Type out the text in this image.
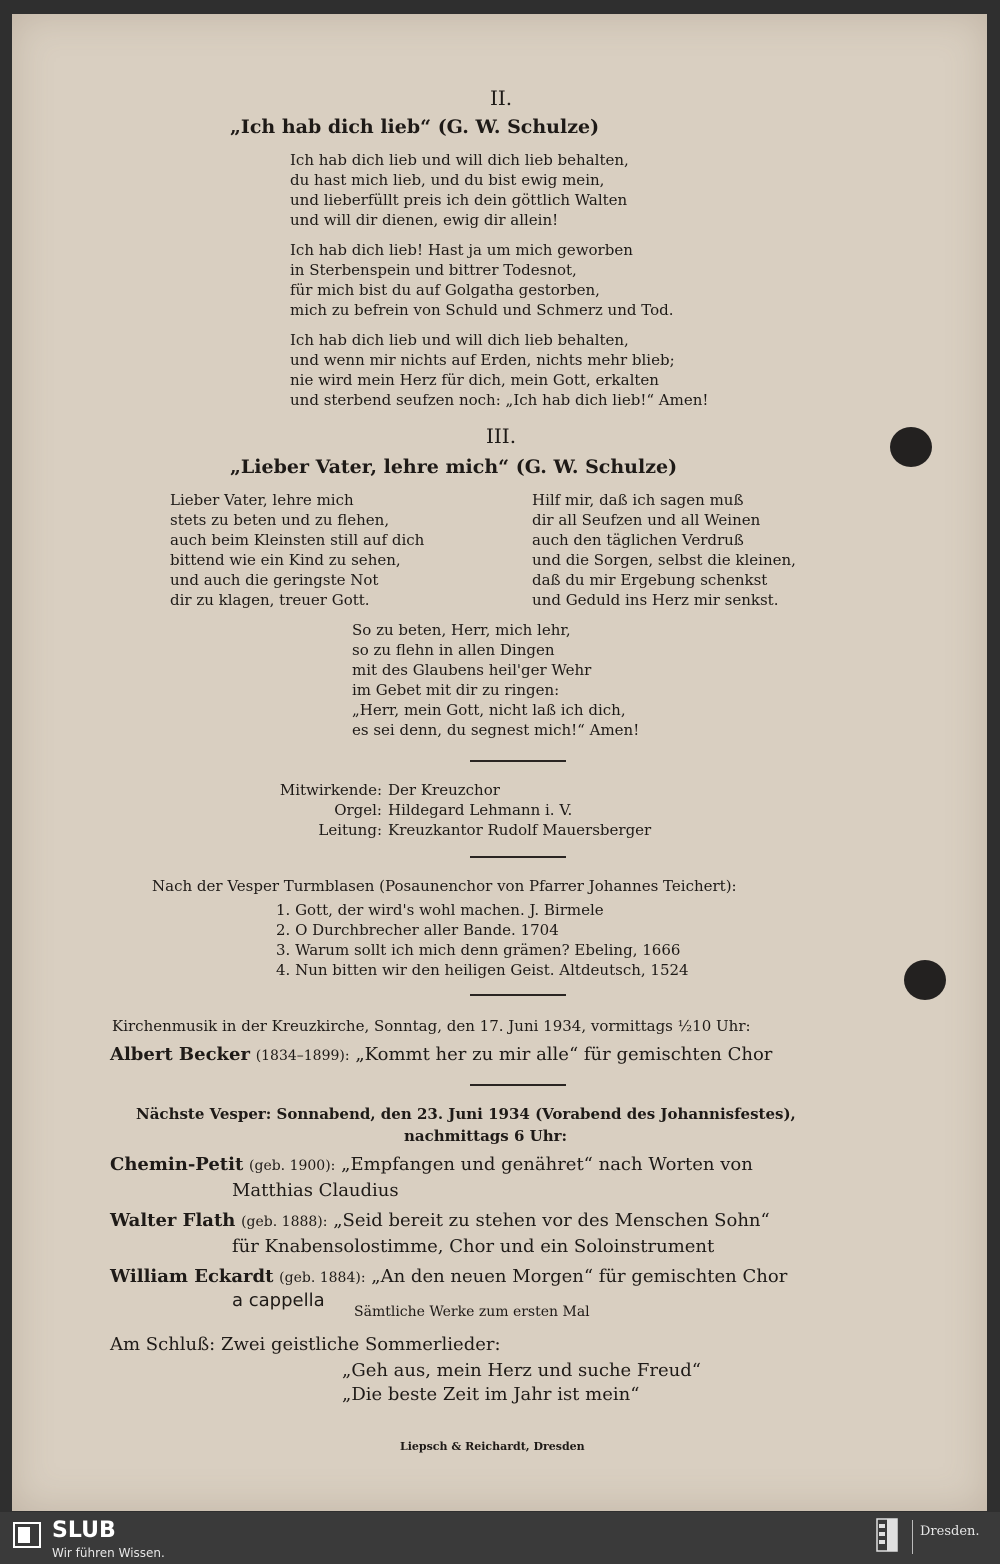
II.

„Ich hab dich lieb“ (G. W. Schulze)

Ich hab dich lieb und will dich lieb behalten,
du hast mich lieb, und du bist ewig mein,
und lieberfüllt preis ich dein göttlich Walten
und will dir dienen, ewig dir allein!
Ich hab dich lieb! Hast ja um mich geworben
in Sterbenspein und bittrer Todesnot,
für mich bist du auf Golgatha gestorben,
mich zu befrein von Schuld und Schmerz und Tod.
Ich hab dich lieb und will dich lieb behalten,
und wenn mir nichts auf Erden, nichts mehr blieb;
nie wird mein Herz für dich, mein Gott, erkalten
und sterbend seufzen noch: „Ich hab dich lieb!“ Amen!

III.

„Lieber Vater, lehre mich“ (G. W. Schulze)

Lieber Vater, lehre mich
stets zu beten und zu flehen,
auch beim Kleinsten still auf dich
bittend wie ein Kind zu sehen,
und auch die geringste Not
dir zu klagen, treuer Gott.
Hilf mir, daß ich sagen muß
dir all Seufzen und all Weinen
auch den täglichen Verdruß
und die Sorgen, selbst die kleinen,
daß du mir Ergebung schenkst
und Geduld ins Herz mir senkst.
So zu beten, Herr, mich lehr,
so zu flehn in allen Dingen
mit des Glaubens heil'ger Wehr
im Gebet mit dir zu ringen:
„Herr, mein Gott, nicht laß ich dich,
es sei denn, du segnest mich!“ Amen!
Mitwirkende:
Orgel:
Leitung:
Der Kreuzchor
Hildegard Lehmann i. V.
Kreuzkantor Rudolf Mauersberger

Nach der Vesper Turmblasen (Posaunenchor von Pfarrer Johannes Teichert):

1. Gott, der wird's wohl machen. J. Birmele
2. O Durchbrecher aller Bande. 1704
3. Warum sollt ich mich denn grämen? Ebeling, 1666
4. Nun bitten wir den heiligen Geist. Altdeutsch, 1524

Kirchenmusik in der Kreuzkirche, Sonntag, den 17. Juni 1934, vormittags ½10 Uhr:

Albert Becker (1834–1899): „Kommt her zu mir alle“ für gemischten Chor

Nächste Vesper: Sonnabend, den 23. Juni 1934 (Vorabend des Johannisfestes),

nachmittags 6 Uhr:

Chemin-Petit (geb. 1900): „Empfangen und genähret“ nach Worten von

Matthias Claudius

Walter Flath (geb. 1888): „Seid bereit zu stehen vor des Menschen Sohn“

für Knabensolostimme, Chor und ein Soloinstrument

William Eckardt (geb. 1884): „An den neuen Morgen“ für gemischten Chor

a cappella

Sämtliche Werke zum ersten Mal

Am Schluß: Zwei geistliche Sommerlieder:

„Geh aus, mein Herz und suche Freud“

„Die beste Zeit im Jahr ist mein“

Liepsch & Reichardt, Dresden

SLUB
Wir führen Wissen.
Dresden.
